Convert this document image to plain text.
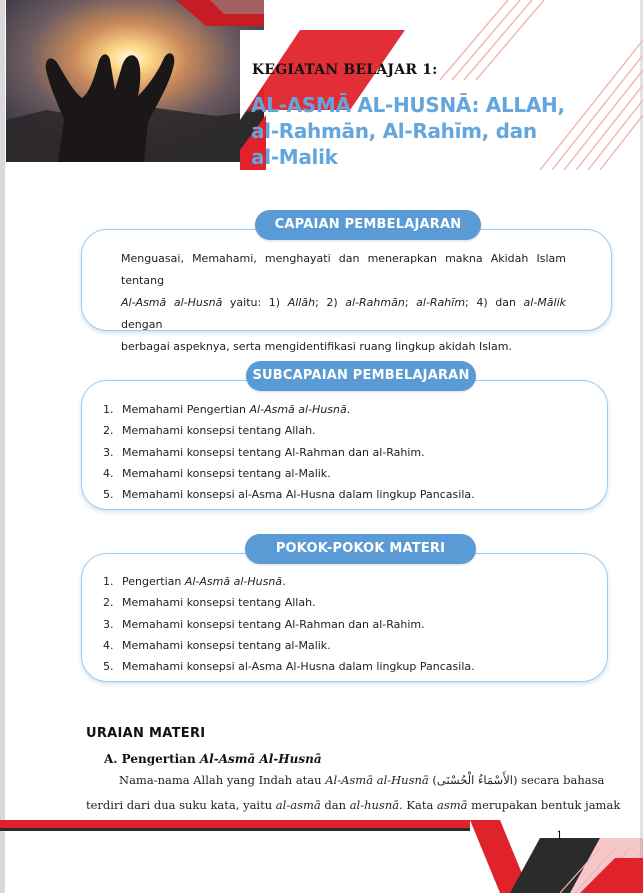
KEGIATAN BELAJAR 1:
AL-ASMĀ AL-HUSNĀ: ALLAH,
al-Rahmān, Al-Rahīm, dan
al-Malik
CAPAIAN PEMBELAJARAN
Menguasai, Memahami, menghayati dan menerapkan makna Akidah Islam tentang
Al-Asmā al-Husnā yaitu: 1) Allāh; 2) al-Rahmān; al-Rahīm; 4) dan al-Mālik dengan
berbagai aspeknya, serta mengidentifikasi ruang lingkup akidah Islam.
SUBCAPAIAN PEMBELAJARAN
1. Memahami Pengertian Al-Asmā al-Husnā.
2. Memahami konsepsi tentang Allah.
3. Memahami konsepsi tentang Al-Rahman dan al-Rahim.
4. Memahami konsepsi tentang al-Malik.
5. Memahami konsepsi al-Asma Al-Husna dalam lingkup Pancasila.
POKOK-POKOK MATERI
1. Pengertian Al-Asmā al-Husnā.
2. Memahami konsepsi tentang Allah.
3. Memahami konsepsi tentang Al-Rahman dan al-Rahim.
4. Memahami konsepsi tentang al-Malik.
5. Memahami konsepsi al-Asma Al-Husna dalam lingkup Pancasila.
URAIAN MATERI
A. Pengertian Al-Asmā Al-Husnā
Nama-nama Allah yang Indah atau Al-Asmā al-Husnā (الأَسْمَاءُ الْحُسْنَى) secara bahasa
terdiri dari dua suku kata, yaitu al-asmā dan al-husnā. Kata asmā merupakan bentuk jamak
1
